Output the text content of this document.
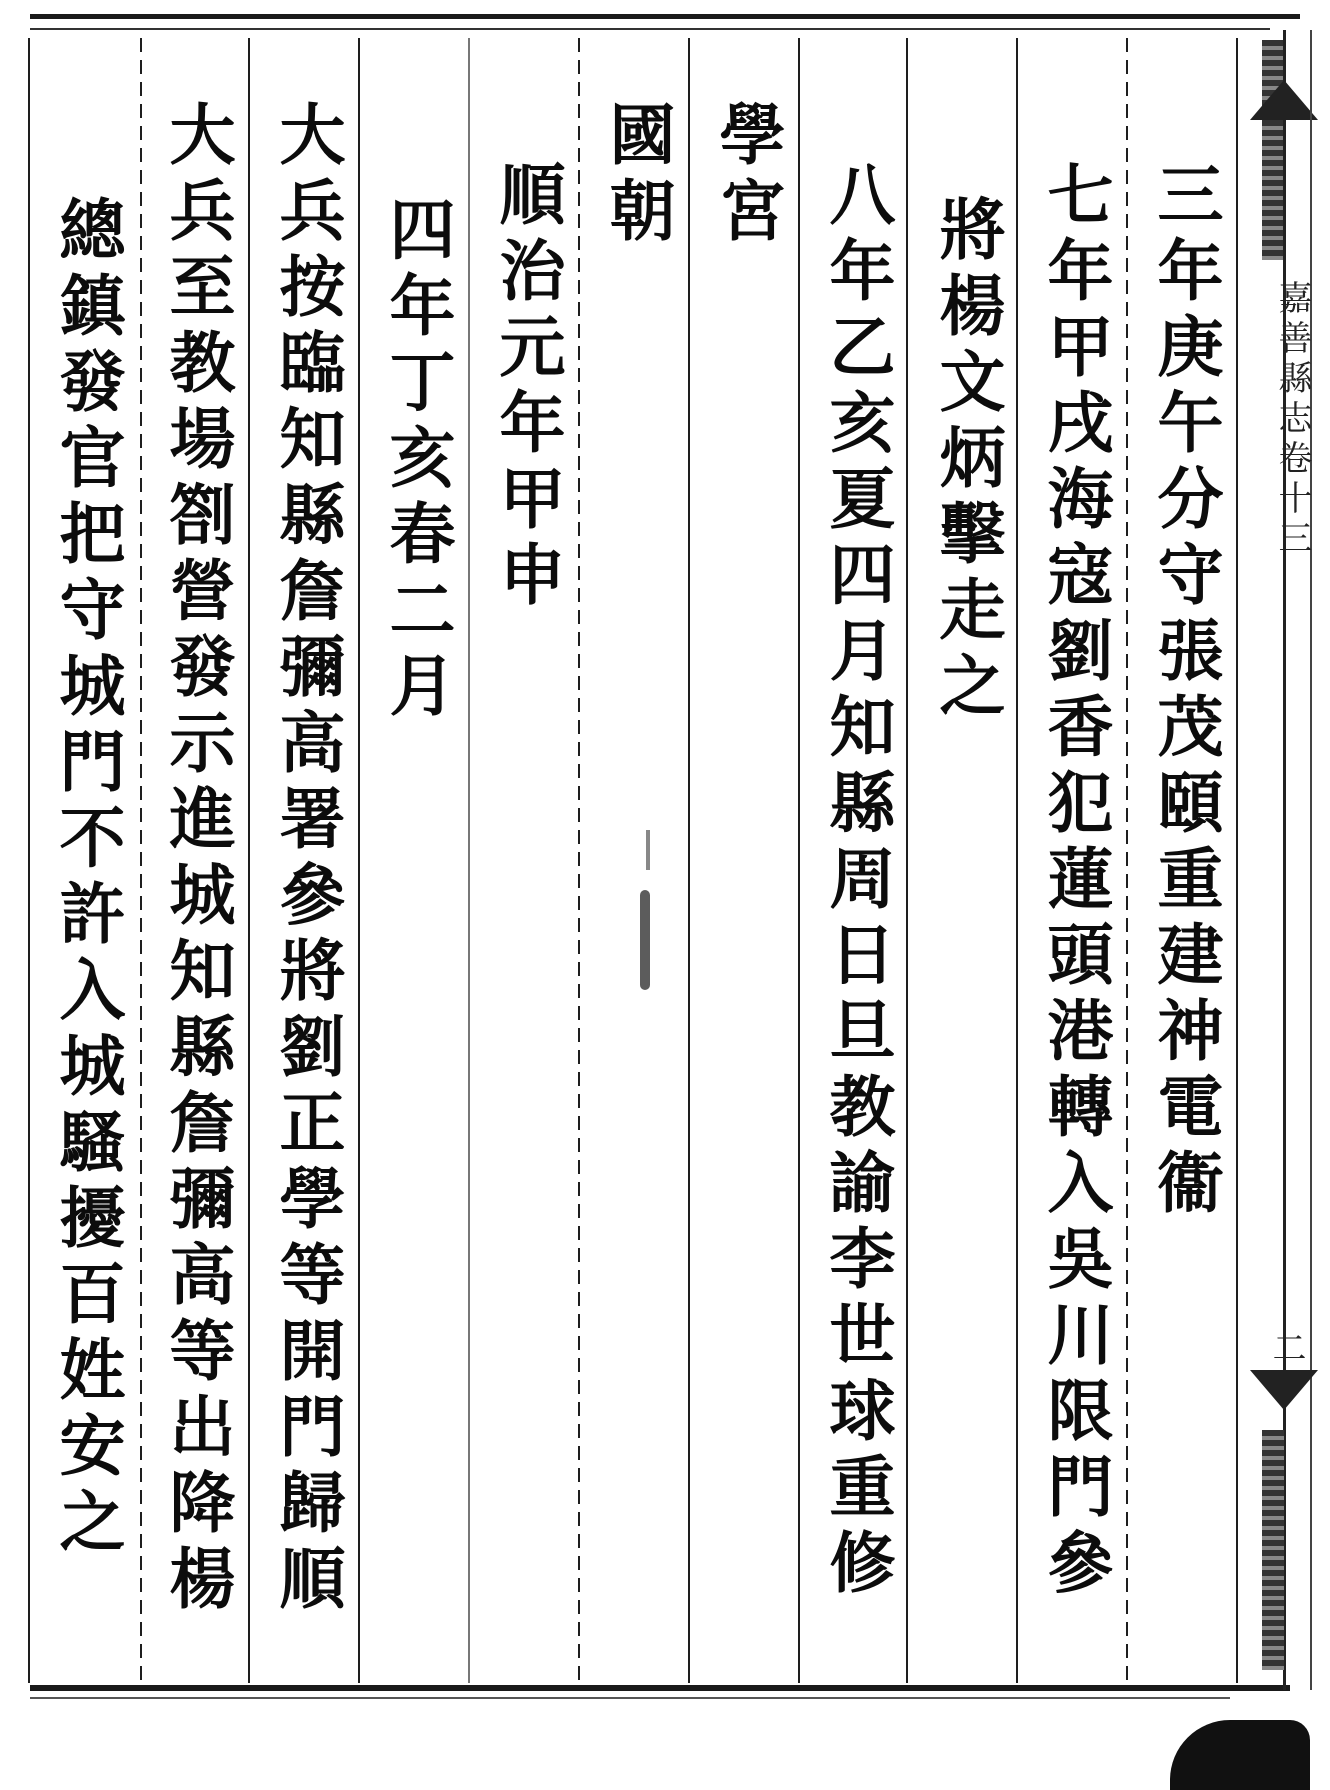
三年庚午分守張茂頤重建神電衞
七年甲戌海寇劉香犯蓮頭港轉入吳川限門參
將楊文炳擊走之
八年乙亥夏四月知縣周日旦教諭李世球重修
學宮
國朝
順治元年甲申
四年丁亥春二月
大兵按臨知縣詹彌高署參將劉正學等開門歸順
大兵至教場劄營發示進城知縣詹彌高等出降楊
總鎮發官把守城門不許入城騷擾百姓安之	嘉善縣志卷十三
二
